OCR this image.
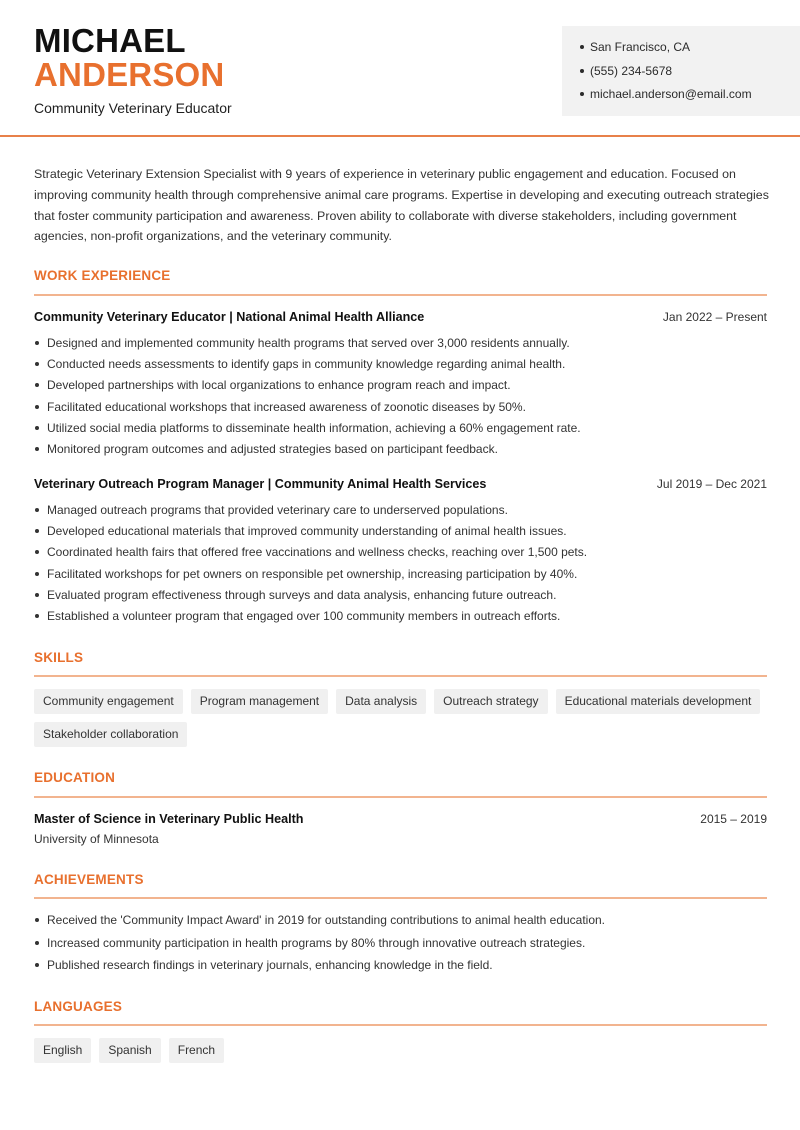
MICHAEL
ANDERSON
Community Veterinary Educator
San Francisco, CA
(555) 234-5678
michael.anderson@email.com

Strategic Veterinary Extension Specialist with 9 years of experience in veterinary public engagement and education. Focused on improving community health through comprehensive animal care programs. Expertise in developing and executing outreach strategies that foster community participation and awareness. Proven ability to collaborate with diverse stakeholders, including government agencies, non-profit organizations, and the veterinary community.

WORK EXPERIENCE
Community Veterinary Educator | National Animal Health Alliance	Jan 2022 – Present
Designed and implemented community health programs that served over 3,000 residents annually.
Conducted needs assessments to identify gaps in community knowledge regarding animal health.
Developed partnerships with local organizations to enhance program reach and impact.
Facilitated educational workshops that increased awareness of zoonotic diseases by 50%.
Utilized social media platforms to disseminate health information, achieving a 60% engagement rate.
Monitored program outcomes and adjusted strategies based on participant feedback.
Veterinary Outreach Program Manager | Community Animal Health Services	Jul 2019 – Dec 2021
Managed outreach programs that provided veterinary care to underserved populations.
Developed educational materials that improved community understanding of animal health issues.
Coordinated health fairs that offered free vaccinations and wellness checks, reaching over 1,500 pets.
Facilitated workshops for pet owners on responsible pet ownership, increasing participation by 40%.
Evaluated program effectiveness through surveys and data analysis, enhancing future outreach.
Established a volunteer program that engaged over 100 community members in outreach efforts.
SKILLS
Community engagement	Program management	Data analysis	Outreach strategy	Educational materials development
Stakeholder collaboration
EDUCATION
Master of Science in Veterinary Public Health	2015 – 2019
University of Minnesota
ACHIEVEMENTS
Received the 'Community Impact Award' in 2019 for outstanding contributions to animal health education.
Increased community participation in health programs by 80% through innovative outreach strategies.
Published research findings in veterinary journals, enhancing knowledge in the field.
LANGUAGES
English	Spanish	French
